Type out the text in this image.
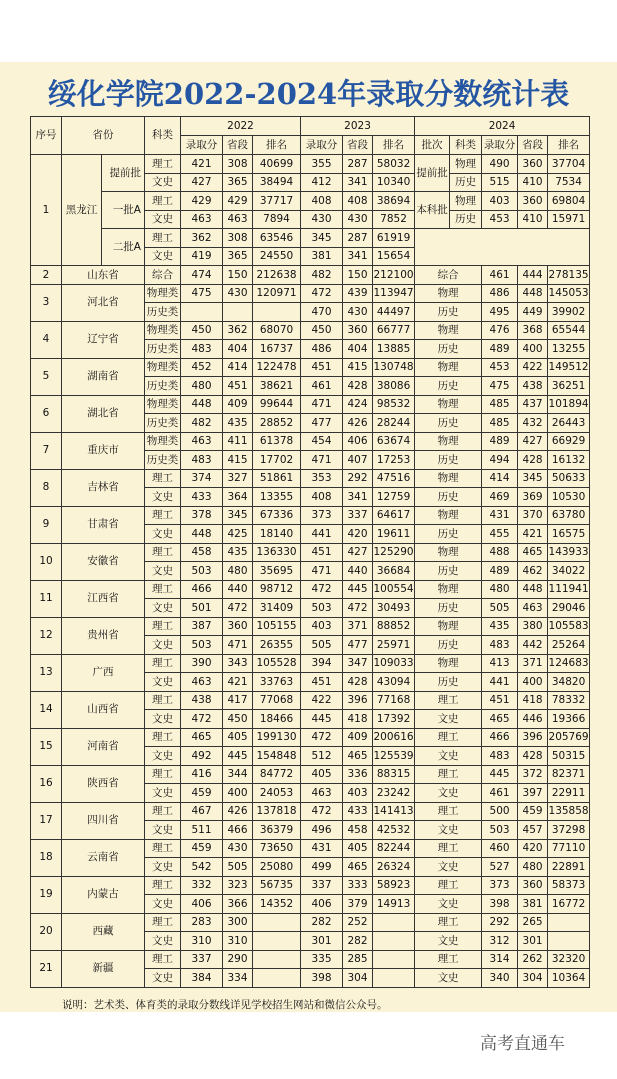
绥化学院2022-2024年录取分数统计表
序号	省份		科类	2022			2023			2024				
				录取分	省段	排名	录取分	省段	排名	批次	科类	录取分	省段	排名
1	黑龙江	提前批	理工	421	308	40699	355	287	58032	提前批	物理	490	360	37704
			文史	427	365	38494	412	341	10340		历史	515	410	7534
		一批A	理工	429	429	37717	408	408	38694	本科批	物理	403	360	69804
			文史	463	463	7894	430	430	7852		历史	453	410	15971
		二批A	理工	362	308	63546	345	287	61919					
			文史	419	365	24550	381	341	15654					
2	山东省		综合	474	150	212638	482	150	212100	综合		461	444	278135
3	河北省		物理类	475	430	120971	472	439	113947	物理		486	448	145053
			历史类				470	430	44497	历史		495	449	39902
4	辽宁省		物理类	450	362	68070	450	360	66777	物理		476	368	65544
			历史类	483	404	16737	486	404	13885	历史		489	400	13255
5	湖南省		物理类	452	414	122478	451	415	130748	物理		453	422	149512
			历史类	480	451	38621	461	428	38086	历史		475	438	36251
6	湖北省		物理类	448	409	99644	471	424	98532	物理		485	437	101894
			历史类	482	435	28852	477	426	28244	历史		485	432	26443
7	重庆市		物理类	463	411	61378	454	406	63674	物理		489	427	66929
			历史类	483	415	17702	471	407	17253	历史		494	428	16132
8	吉林省		理工	374	327	51861	353	292	47516	物理		414	345	50633
			文史	433	364	13355	408	341	12759	历史		469	369	10530
9	甘肃省		理工	378	345	67336	373	337	64617	物理		431	370	63780
			文史	448	425	18140	441	420	19611	历史		455	421	16575
10	安徽省		理工	458	435	136330	451	427	125290	物理		488	465	143933
			文史	503	480	35695	471	440	36684	历史		489	462	34022
11	江西省		理工	466	440	98712	472	445	100554	物理		480	448	111941
			文史	501	472	31409	503	472	30493	历史		505	463	29046
12	贵州省		理工	387	360	105155	403	371	88852	物理		435	380	105583
			文史	503	471	26355	505	477	25971	历史		483	442	25264
13	广西		理工	390	343	105528	394	347	109033	物理		413	371	124683
			文史	463	421	33763	451	428	43094	历史		441	400	34820
14	山西省		理工	438	417	77068	422	396	77168	理工		451	418	78332
			文史	472	450	18466	445	418	17392	文史		465	446	19366
15	河南省		理工	465	405	199130	472	409	200616	理工		466	396	205769
			文史	492	445	154848	512	465	125539	文史		483	428	50315
16	陕西省		理工	416	344	84772	405	336	88315	理工		445	372	82371
			文史	459	400	24053	463	403	23242	文史		461	397	22911
17	四川省		理工	467	426	137818	472	433	141413	理工		500	459	135858
			文史	511	466	36379	496	458	42532	文史		503	457	37298
18	云南省		理工	459	430	73650	431	405	82244	理工		460	420	77110
			文史	542	505	25080	499	465	26324	文史		527	480	22891
19	内蒙古		理工	332	323	56735	337	333	58923	理工		373	360	58373
			文史	406	366	14352	406	379	14913	文史		398	381	16772
20	西藏		理工	283	300		282	252		理工		292	265	
			文史	310	310		301	282		文史		312	301	
21	新疆		理工	337	290		335	285		理工		314	262	32320
			文史	384	334		398	304		文史		340	304	10364
说明：艺术类、体育类的录取分数线详见学校招生网站和微信公众号。
高考直通车
